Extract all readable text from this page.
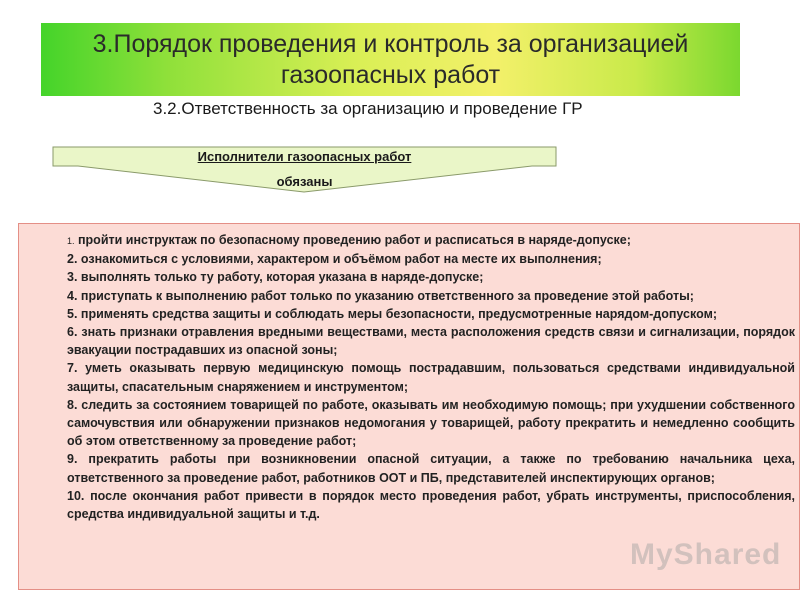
3.Порядок проведения и контроль за организацией
газоопасных работ
3.2.Ответственность за организацию и проведение ГР
Исполнители газоопасных работ
обязаны

1. пройти инструктаж по безопасному проведению работ и расписаться в наряде-допуске;

2. ознакомиться с условиями, характером и объёмом работ на месте их выполнения;

3. выполнять только ту работу, которая указана в наряде-допуске;

4. приступать к выполнению работ только по указанию ответственного за проведение этой работы;

5. применять средства защиты и соблюдать меры безопасности, предусмотренные нарядом-допуском;

6. знать признаки отравления вредными веществами, места расположения средств связи и сигнализации, порядок эвакуации пострадавших из опасной зоны;

7. уметь оказывать первую медицинскую помощь пострадавшим, пользоваться средствами индивидуальной защиты, спасательным снаряжением и инструментом;

8. следить за состоянием товарищей по работе, оказывать им необходимую помощь; при ухудшении собственного самочувствия или обнаружении признаков недомогания у товарищей, работу прекратить и немедленно сообщить об этом ответственному за проведение работ;

9. прекратить работы при возникновении опасной ситуации, а также по требованию начальника цеха, ответственного за проведение работ, работников ООТ и ПБ, представителей инспектирующих органов;

10. после окончания работ привести в порядок место проведения работ, убрать инструменты, приспособления, средства индивидуальной защиты и т.д.

MyShared
